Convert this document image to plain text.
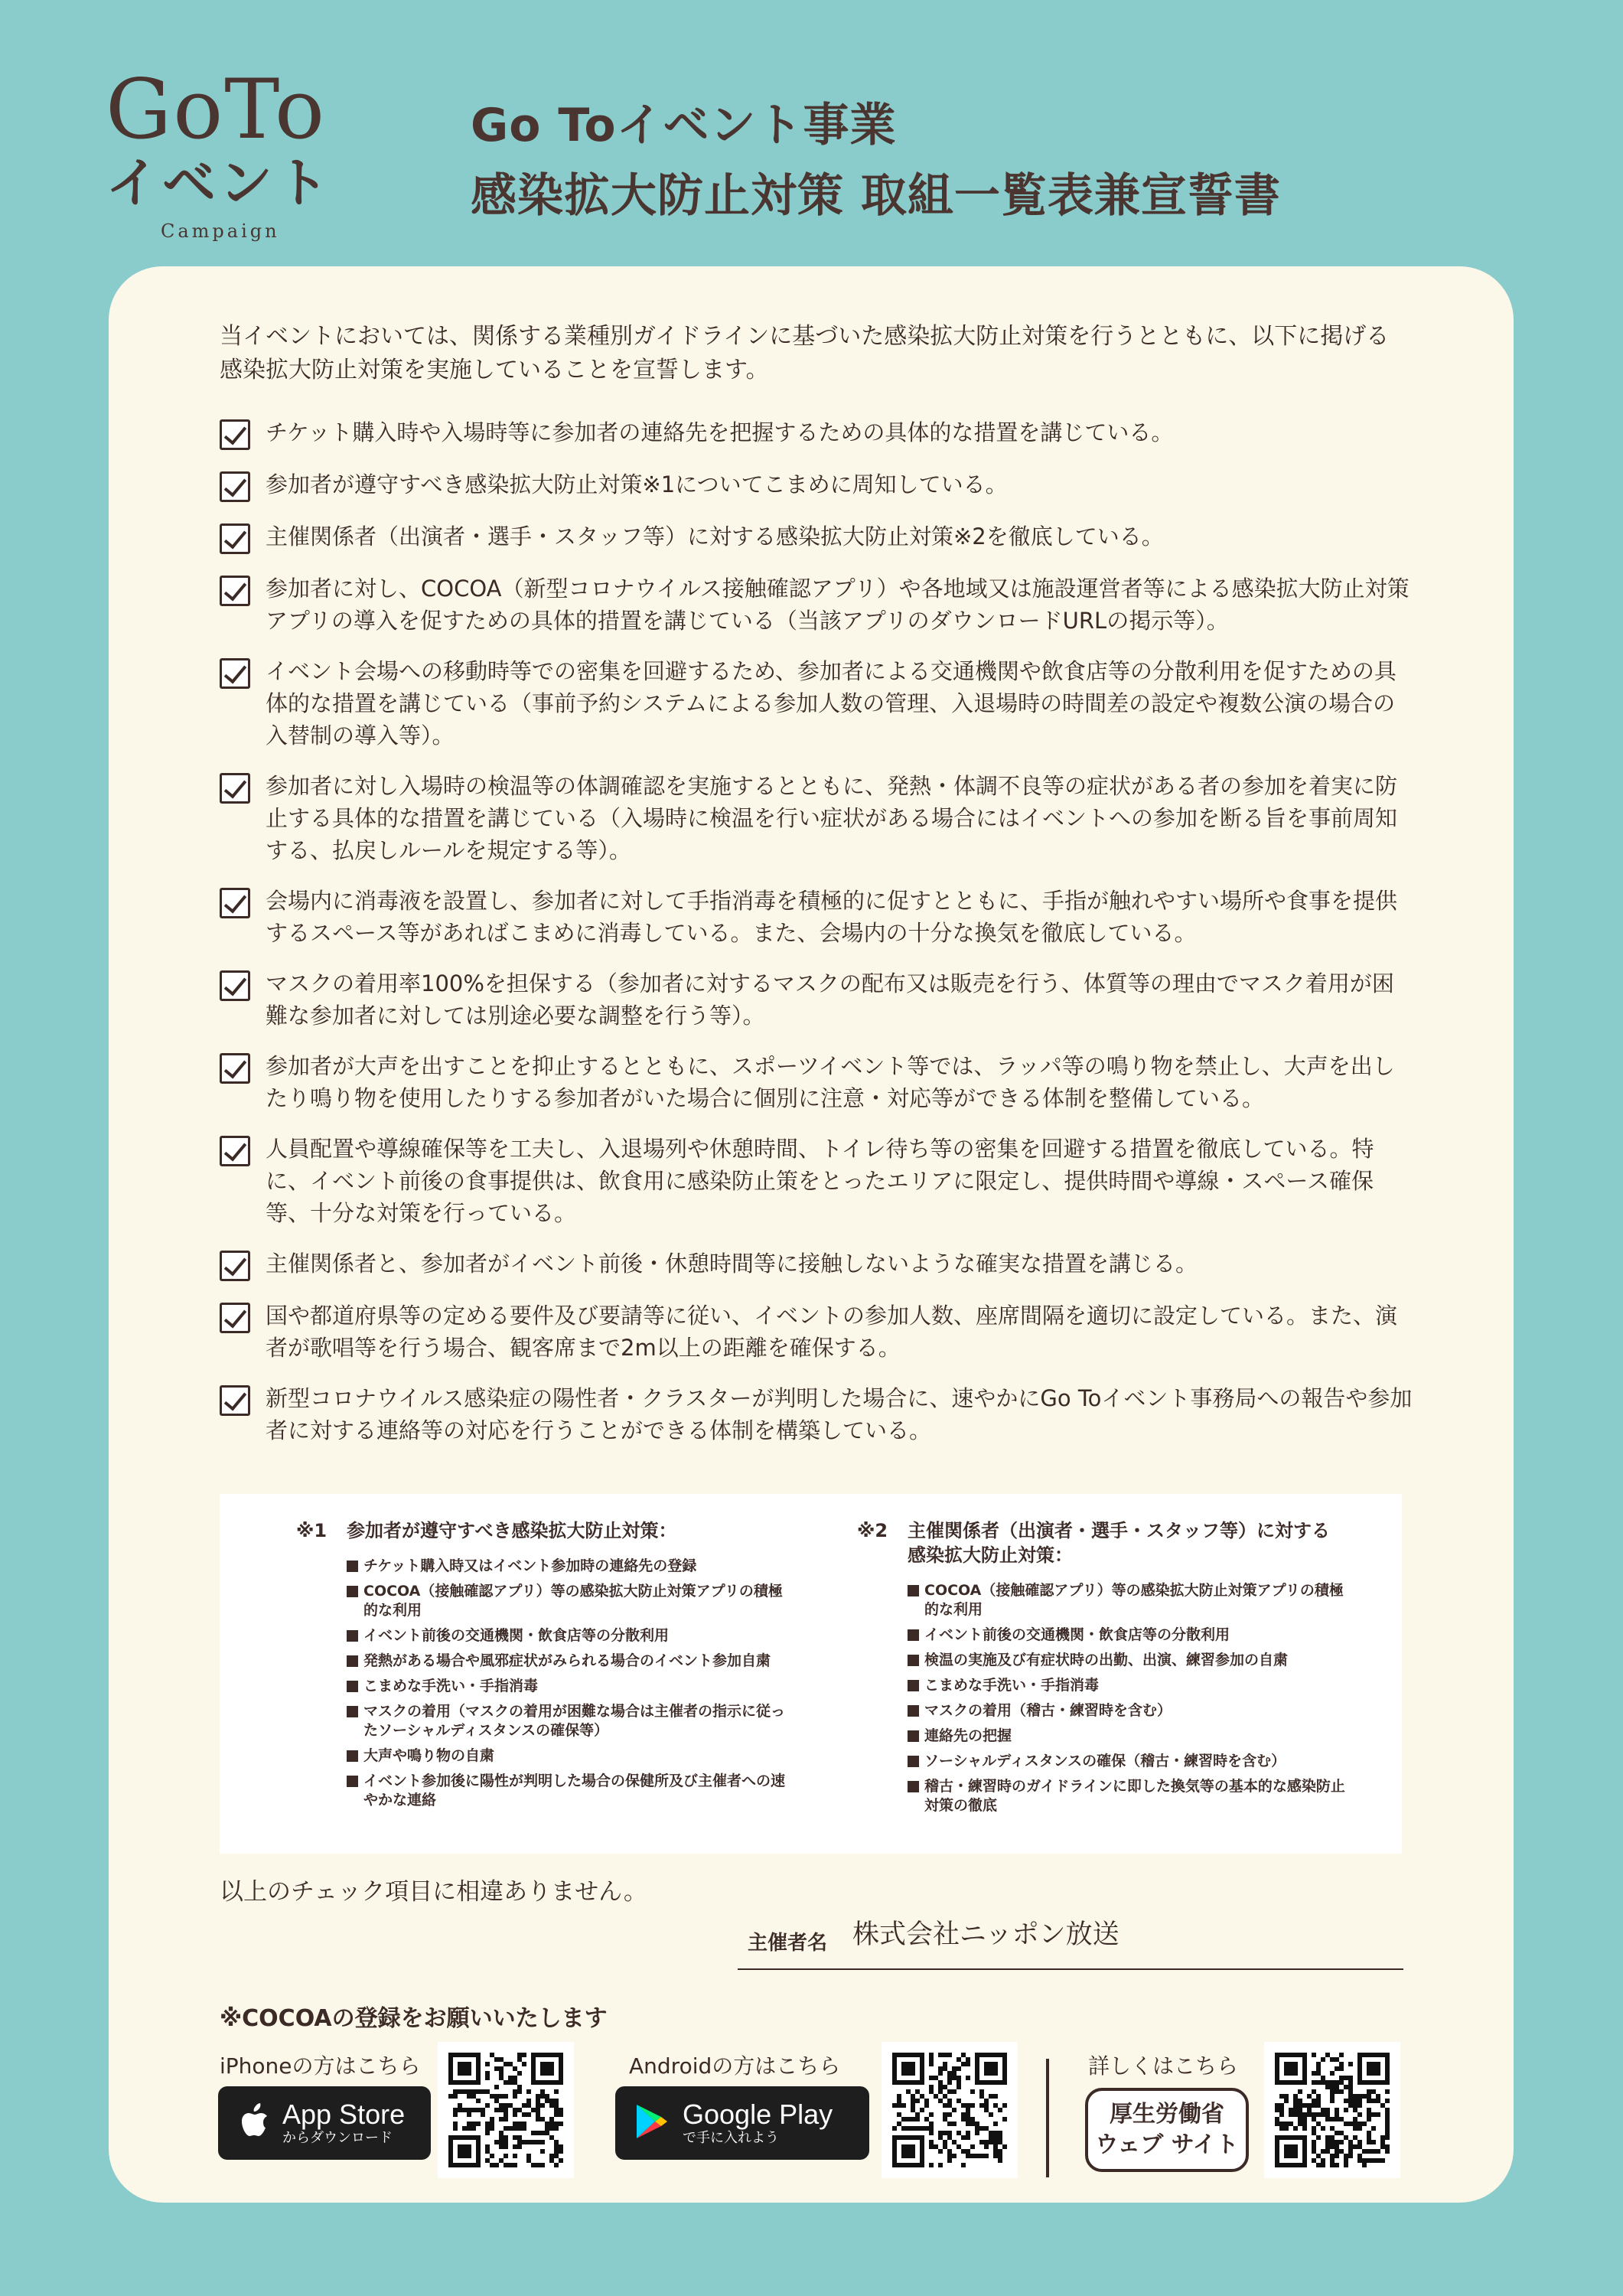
GoTo
イベント
Campaign
Go Toイベント事業
感染拡大防止対策 取組一覧表兼宣誓書
当イベントにおいては、関係する業種別ガイドラインに基づいた感染拡大防止対策を行うとともに、以下に掲げる感染拡大防止対策を実施していることを宣誓します。
チケット購入時や入場時等に参加者の連絡先を把握するための具体的な措置を講じている。
参加者が遵守すべき感染拡大防止対策※1についてこまめに周知している。
主催関係者（出演者・選手・スタッフ等）に対する感染拡大防止対策※2を徹底している。
参加者に対し、COCOA（新型コロナウイルス接触確認アプリ）や各地域又は施設運営者等による感染拡大防止対策アプリの導入を促すための具体的措置を講じている（当該アプリのダウンロードURLの掲示等）。
イベント会場への移動時等での密集を回避するため、参加者による交通機関や飲食店等の分散利用を促すための具体的な措置を講じている（事前予約システムによる参加人数の管理、入退場時の時間差の設定や複数公演の場合の入替制の導入等）。
参加者に対し入場時の検温等の体調確認を実施するとともに、発熱・体調不良等の症状がある者の参加を着実に防止する具体的な措置を講じている（入場時に検温を行い症状がある場合にはイベントへの参加を断る旨を事前周知する、払戻しルールを規定する等）。
会場内に消毒液を設置し、参加者に対して手指消毒を積極的に促すとともに、手指が触れやすい場所や食事を提供するスペース等があればこまめに消毒している。また、会場内の十分な換気を徹底している。
マスクの着用率100%を担保する（参加者に対するマスクの配布又は販売を行う、体質等の理由でマスク着用が困難な参加者に対しては別途必要な調整を行う等）。
参加者が大声を出すことを抑止するとともに、スポーツイベント等では、ラッパ等の鳴り物を禁止し、大声を出したり鳴り物を使用したりする参加者がいた場合に個別に注意・対応等ができる体制を整備している。
人員配置や導線確保等を工夫し、入退場列や休憩時間、トイレ待ち等の密集を回避する措置を徹底している。特に、イベント前後の食事提供は、飲食用に感染防止策をとったエリアに限定し、提供時間や導線・スペース確保等、十分な対策を行っている。
主催関係者と、参加者がイベント前後・休憩時間等に接触しないような確実な措置を講じる。
国や都道府県等の定める要件及び要請等に従い、イベントの参加人数、座席間隔を適切に設定している。また、演者が歌唱等を行う場合、観客席まで2m以上の距離を確保する。
新型コロナウイルス感染症の陽性者・クラスターが判明した場合に、速やかにGo Toイベント事務局への報告や参加者に対する連絡等の対応を行うことができる体制を構築している。
※1	参加者が遵守すべき感染拡大防止対策：
チケット購入時又はイベント参加時の連絡先の登録
COCOA（接触確認アプリ）等の感染拡大防止対策アプリの積極的な利用
イベント前後の交通機関・飲食店等の分散利用
発熱がある場合や風邪症状がみられる場合のイベント参加自粛
こまめな手洗い・手指消毒
マスクの着用（マスクの着用が困難な場合は主催者の指示に従ったソーシャルディスタンスの確保等）
大声や鳴り物の自粛
イベント参加後に陽性が判明した場合の保健所及び主催者への速やかな連絡
※2	主催関係者（出演者・選手・スタッフ等）に対する感染拡大防止対策：
COCOA（接触確認アプリ）等の感染拡大防止対策アプリの積極的な利用
イベント前後の交通機関・飲食店等の分散利用
検温の実施及び有症状時の出勤、出演、練習参加の自粛
こまめな手洗い・手指消毒
マスクの着用（稽古・練習時を含む）
連絡先の把握
ソーシャルディスタンスの確保（稽古・練習時を含む）
稽古・練習時のガイドラインに即した換気等の基本的な感染防止対策の徹底
以上のチェック項目に相違ありません。
主催者名 株式会社ニッポン放送
※COCOAの登録をお願いいたします
iPhoneの方はこちら
App Store
からダウンロード
Androidの方はこちら
Google Play
で手に入れよう
詳しくはこちら
厚生労働省
ウェブ サイト
